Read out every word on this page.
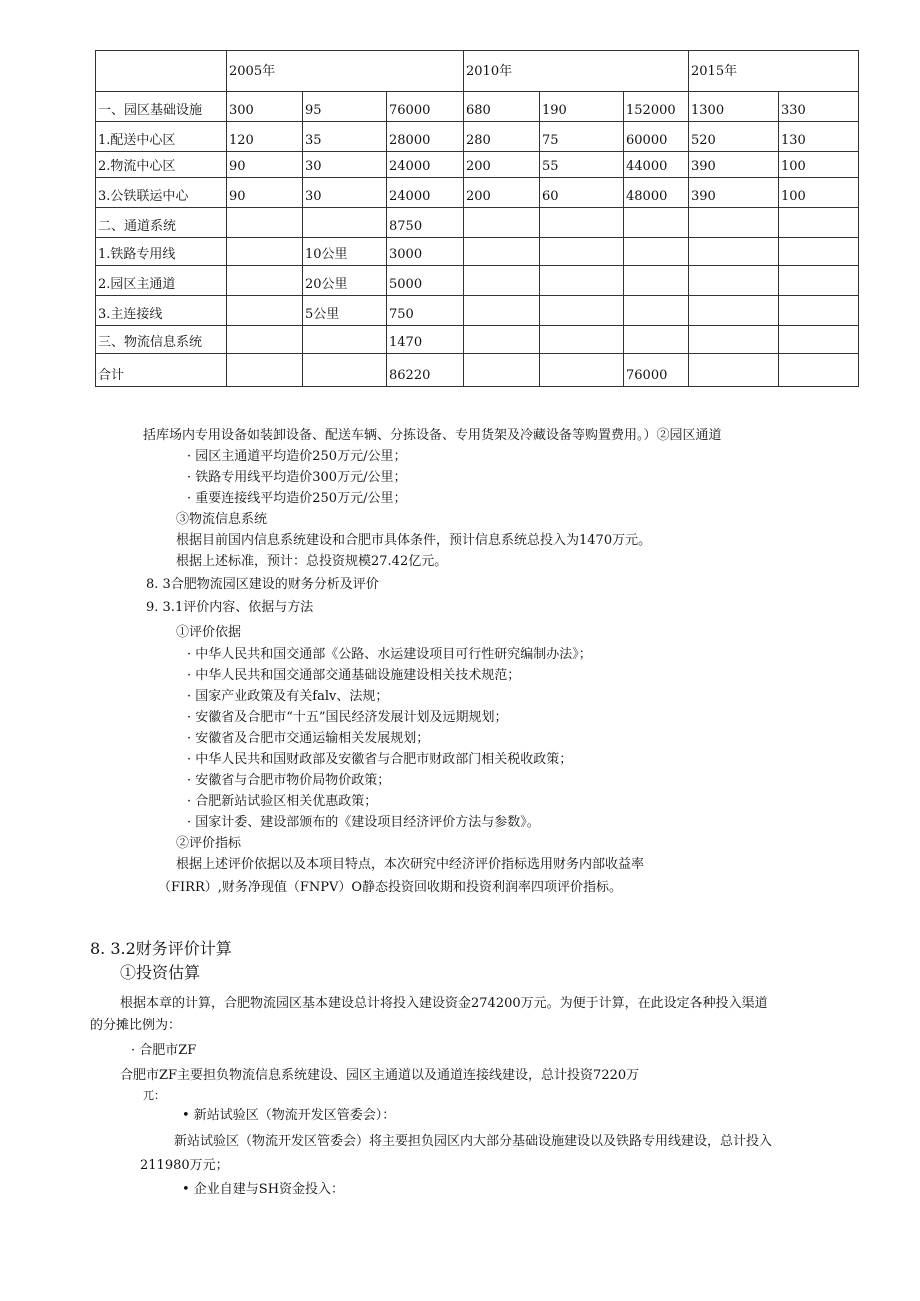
	2005年			2010年			2015年	
一、园区基础设施	300	95	76000	680	190	152000	1300	330
1.配送中心区	120	35	28000	280	75	60000	520	130
2.物流中心区	90	30	24000	200	55	44000	390	100
3.公铁联运中心	90	30	24000	200	60	48000	390	100
二、通道系统			8750					
1.铁路专用线		10公里	3000					
2.园区主通道		20公里	5000					
3.主连接线		5公里	750					
三、物流信息系统			1470					
合计			86220			76000		
括库场内专用设备如装卸设备、配送车辆、分拣设备、专用货架及冷藏设备等购置费用。）②园区通道
· 园区主通道平均造价250万元/公里；
· 铁路专用线平均造价300万元/公里；
· 重要连接线平均造价250万元/公里；
③物流信息系统
根据目前国内信息系统建设和合肥市具体条件，预计信息系统总投入为1470万元。
根据上述标准，预计：总投资规模27.42亿元。
8. 3合肥物流园区建设的财务分析及评价
9. 3.1评价内容、依据与方法
①评价依据
· 中华人民共和国交通部《公路、水运建设项目可行性研究编制办法》；
· 中华人民共和国交通部交通基础设施建设相关技术规范；
· 国家产业政策及有关falv、法规；
· 安徽省及合肥市“十五”国民经济发展计划及远期规划；
· 安徽省及合肥市交通运输相关发展规划；
· 中华人民共和国财政部及安徽省与合肥市财政部门相关税收政策；
· 安徽省与合肥市物价局物价政策；
· 合肥新站试验区相关优惠政策；
· 国家计委、建设部颁布的《建设项目经济评价方法与参数》。
②评价指标
根据上述评价依据以及本项目特点，本次研究中经济评价指标选用财务内部收益率
（FIRR）,财务净现值（FNPV）O静态投资回收期和投资利润率四项评价指标。
8. 3.2财务评价计算
①投资估算
根据本章的计算，合肥物流园区基本建设总计将投入建设资金274200万元。为便于计算，在此设定各种投入渠道
的分摊比例为：
· 合肥市ZF
合肥市ZF主要担负物流信息系统建设、园区主通道以及通道连接线建设，总计投资7220万
兀：
• 新站试验区（物流开发区管委会）：
新站试验区（物流开发区管委会）将主要担负园区内大部分基础设施建设以及铁路专用线建设，总计投入
211980万元；
• 企业自建与SH资金投入：
